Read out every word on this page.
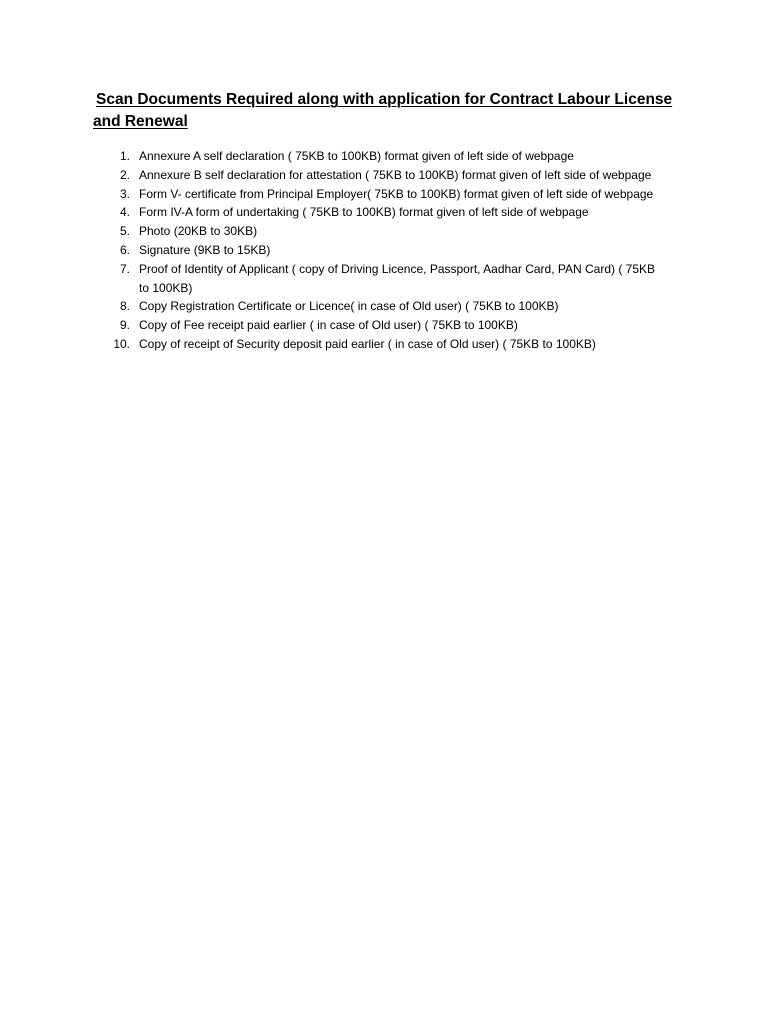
Scan Documents Required along with application for Contract Labour License
and Renewal
1. Annexure A self declaration ( 75KB to 100KB) format given of left side of webpage
2. Annexure B self declaration for attestation ( 75KB to 100KB) format given of left side of webpage
3. Form V- certificate from Principal Employer( 75KB to 100KB) format given of left side of webpage
4. Form IV-A form of undertaking ( 75KB to 100KB) format given of left side of webpage
5. Photo (20KB to 30KB)
6. Signature (9KB to 15KB)
7. Proof of Identity of Applicant ( copy of Driving Licence, Passport, Aadhar Card, PAN Card) ( 75KB to 100KB)
8. Copy Registration Certificate or Licence( in case of Old user) ( 75KB to 100KB)
9. Copy of Fee receipt paid earlier ( in case of Old user) ( 75KB to 100KB)
10. Copy of receipt of Security deposit paid earlier ( in case of Old user) ( 75KB to 100KB)
